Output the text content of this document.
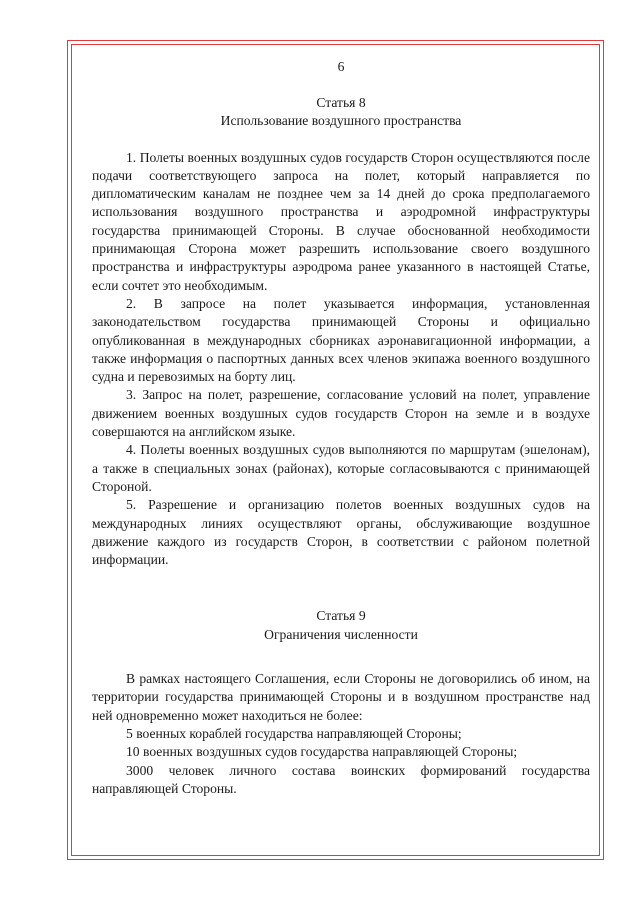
6
Статья 8
Использование воздушного пространства

1. Полеты военных воздушных судов государств Сторон осуществляются после подачи соответствующего запроса на полет, который направляется по дипломатическим каналам не позднее чем за 14 дней до срока предполагаемого использования воздушного пространства и аэродромной инфраструктуры государства принимающей Стороны. В случае обоснованной необходимости принимающая Сторона может разрешить использование своего воздушного пространства и инфраструктуры аэродрома ранее указанного в настоящей Статье, если сочтет это необходимым.

2. В запросе на полет указывается информация, установленная законодательством государства принимающей Стороны и официально опубликованная в международных сборниках аэронавигационной информации, а также информация о паспортных данных всех членов экипажа военного воздушного судна и перевозимых на борту лиц.

3. Запрос на полет, разрешение, согласование условий на полет, управление движением военных воздушных судов государств Сторон на земле и в воздухе совершаются на английском языке.

4. Полеты военных воздушных судов выполняются по маршрутам (эшелонам), а также в специальных зонах (районах), которые согласовываются с принимающей Стороной.

5. Разрешение и организацию полетов военных воздушных судов на международных линиях осуществляют органы, обслуживающие воздушное движение каждого из государств Сторон, в соответствии с районом полетной информации.

Статья 9
Ограничения численности

В рамках настоящего Соглашения, если Стороны не договорились об ином, на территории государства принимающей Стороны и в воздушном пространстве над ней одновременно может находиться не более:

5 военных кораблей государства направляющей Стороны;

10 военных воздушных судов государства направляющей Стороны;

3000 человек личного состава воинских формирований государства направляющей Стороны.
